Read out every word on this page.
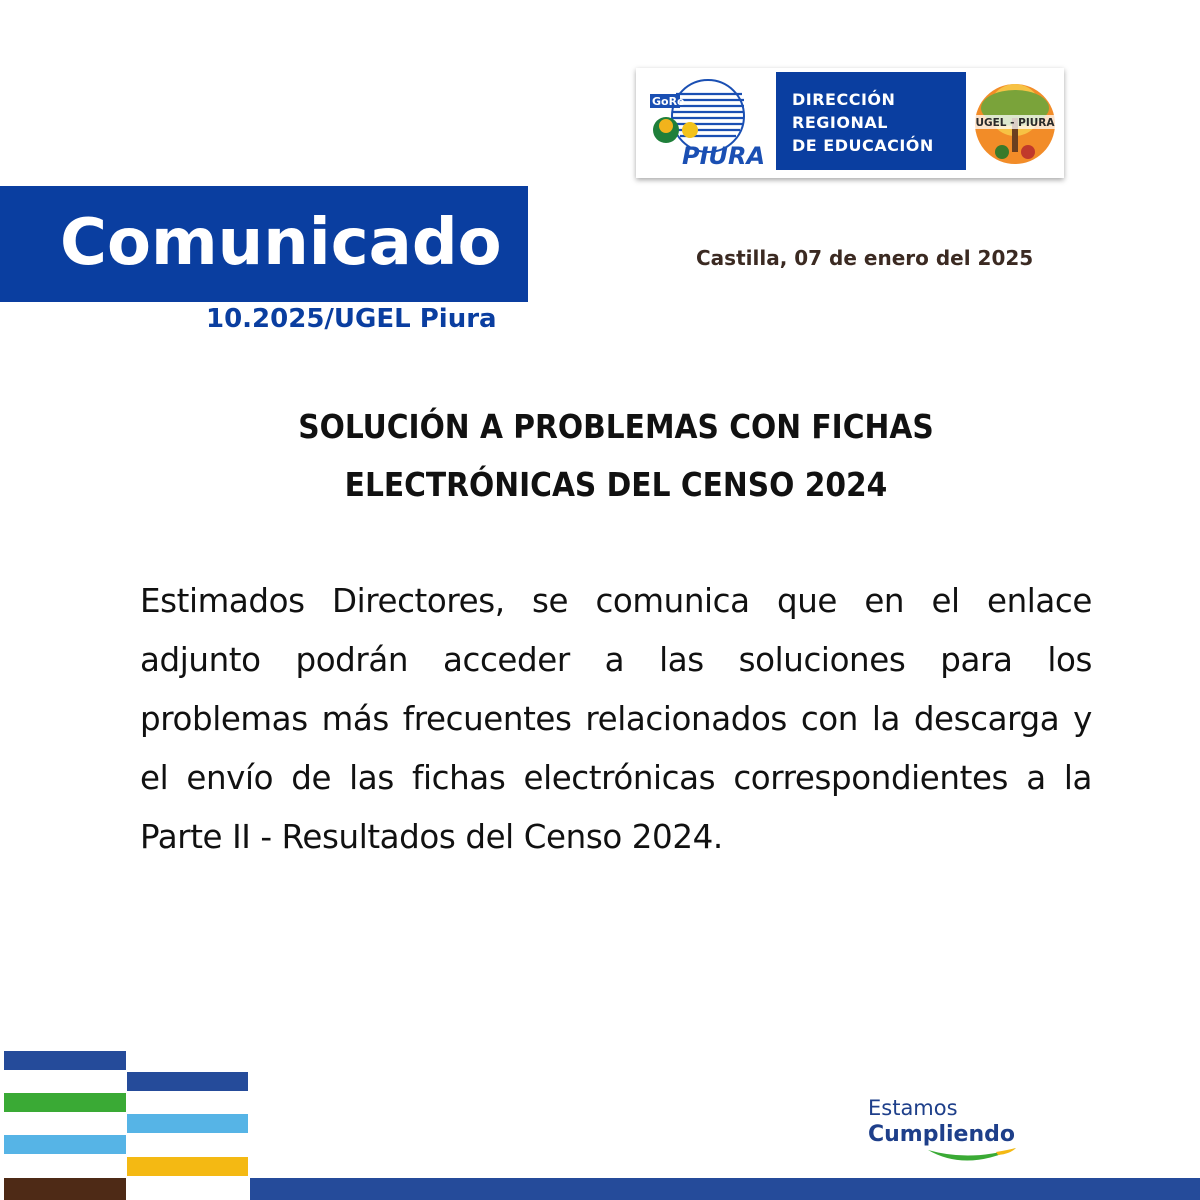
GoRe
PIURA
DIRECCIÓN
REGIONAL
DE EDUCACIÓN
UGEL - PIURA
Comunicado
10.2025/UGEL Piura
Castilla, 07 de enero del 2025
SOLUCIÓN A PROBLEMAS CON FICHAS
ELECTRÓNICAS DEL CENSO 2024
Estimados Directores, se comunica que en el enlace adjunto podrán acceder a las soluciones para los problemas más frecuentes relacionados con la descarga y el envío de las fichas electrónicas correspondientes a la Parte II - Resultados del Censo 2024.
Estamos
Cumpliendo
